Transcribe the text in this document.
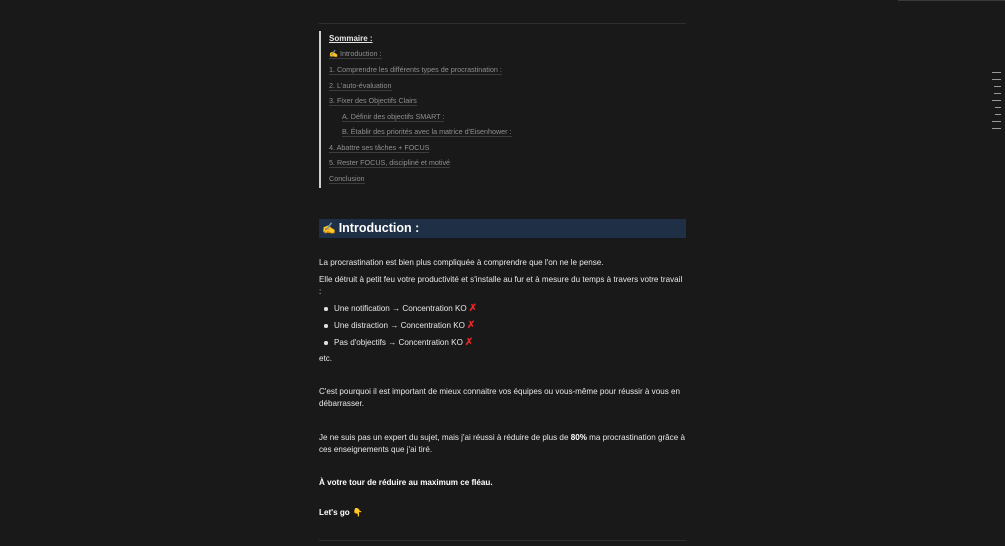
Sommaire :

✍️ Introduction :
1. Comprendre les différents types de procrastination :
2. L'auto-évaluation
3. Fixer des Objectifs Clairs
A. Définir des objectifs SMART :
B. Établir des priorités avec la matrice d'Eisenhower :
4. Abattre ses tâches + FOCUS
5. Rester FOCUS, discipliné et motivé
Conclusion
✍️ Introduction :

La procrastination est bien plus compliquée à comprendre que l'on ne le pense.

Elle détruit à petit feu votre productivité et s'installe au fur et à mesure du temps à travers votre travail :

Une notification → Concentration KO ✗
Une distraction → Concentration KO ✗
Pas d'objectifs → Concentration KO ✗

etc.

C'est pourquoi il est important de mieux connaitre vos équipes ou vous-même pour réussir à vous en débarrasser.

Je ne suis pas un expert du sujet, mais j'ai réussi à réduire de plus de 80% ma procrastination grâce à ces enseignements que j'ai tiré.

À votre tour de réduire au maximum ce fléau.

Let's go 👇
